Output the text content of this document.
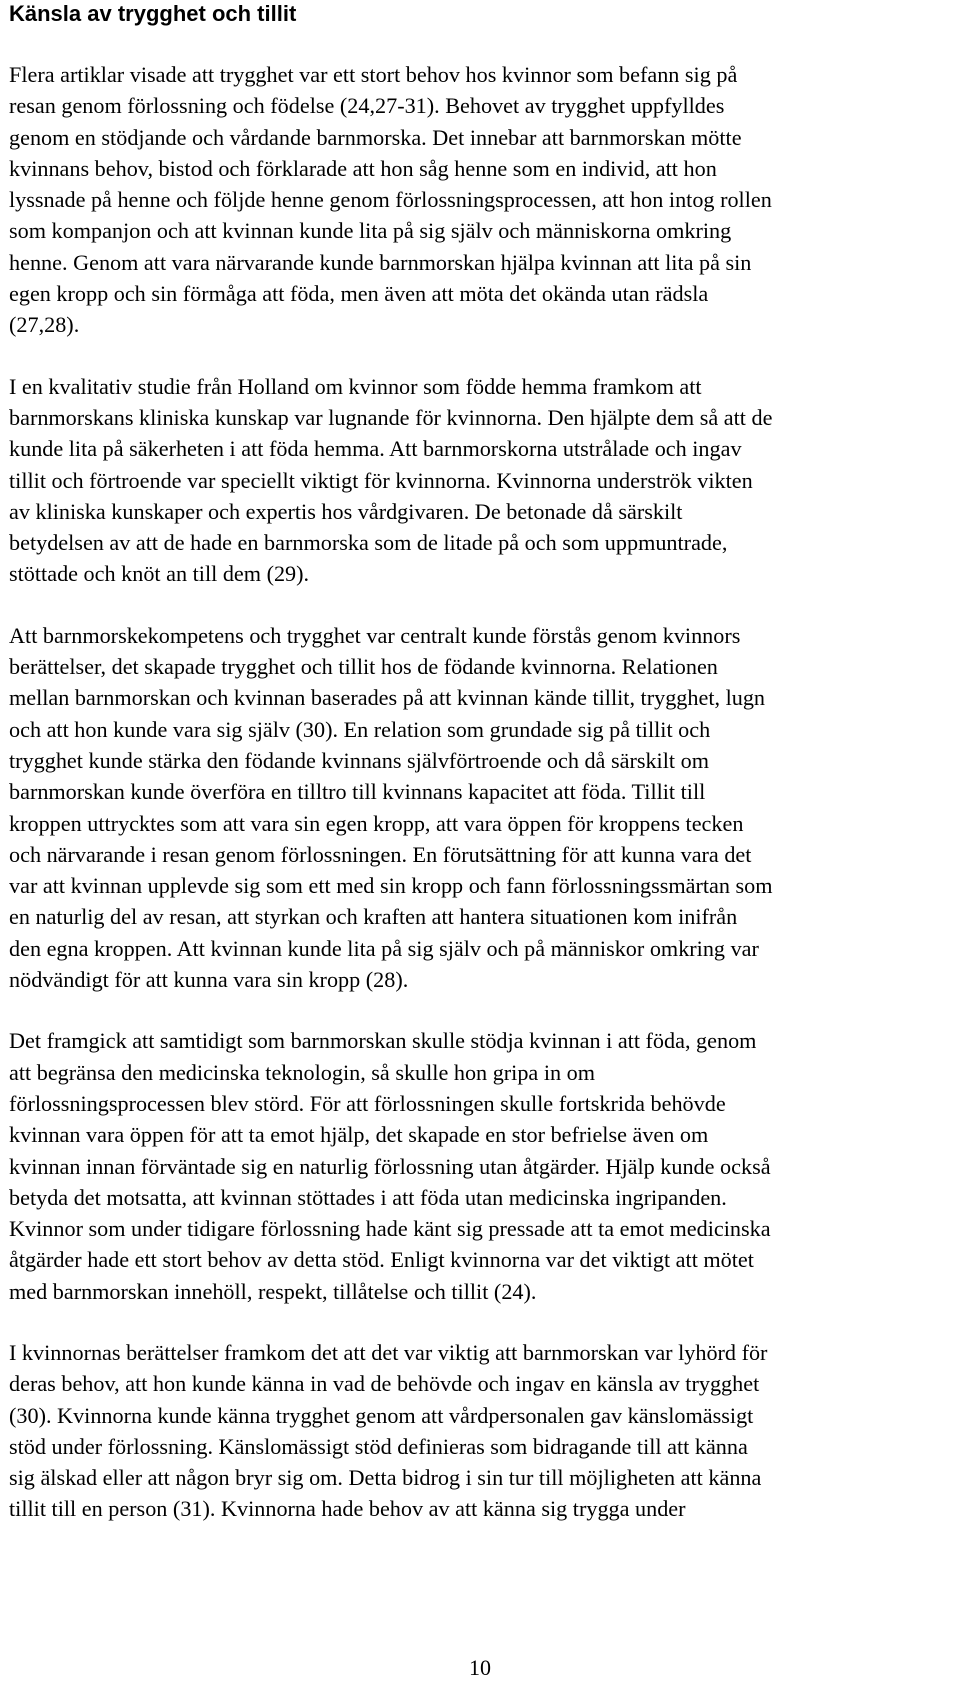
Känsla av trygghet och tillit

Flera artiklar visade att trygghet var ett stort behov hos kvinnor som befann sig på
resan genom förlossning och födelse (24,27-31). Behovet av trygghet uppfylldes
genom en stödjande och vårdande barnmorska. Det innebar att barnmorskan mötte
kvinnans behov, bistod och förklarade att hon såg henne som en individ, att hon
lyssnade på henne och följde henne genom förlossningsprocessen, att hon intog rollen
som kompanjon och att kvinnan kunde lita på sig själv och människorna omkring
henne. Genom att vara närvarande kunde barnmorskan hjälpa kvinnan att lita på sin
egen kropp och sin förmåga att föda, men även att möta det okända utan rädsla
(27,28).

I en kvalitativ studie från Holland om kvinnor som födde hemma framkom att
barnmorskans kliniska kunskap var lugnande för kvinnorna. Den hjälpte dem så att de
kunde lita på säkerheten i att föda hemma. Att barnmorskorna utstrålade och ingav
tillit och förtroende var speciellt viktigt för kvinnorna. Kvinnorna underströk vikten
av kliniska kunskaper och expertis hos vårdgivaren. De betonade då särskilt
betydelsen av att de hade en barnmorska som de litade på och som uppmuntrade,
stöttade och knöt an till dem (29).

Att barnmorskekompetens och trygghet var centralt kunde förstås genom kvinnors
berättelser, det skapade trygghet och tillit hos de födande kvinnorna. Relationen
mellan barnmorskan och kvinnan baserades på att kvinnan kände tillit, trygghet, lugn
och att hon kunde vara sig själv (30). En relation som grundade sig på tillit och
trygghet kunde stärka den födande kvinnans självförtroende och då särskilt om
barnmorskan kunde överföra en tilltro till kvinnans kapacitet att föda. Tillit till
kroppen uttrycktes som att vara sin egen kropp, att vara öppen för kroppens tecken
och närvarande i resan genom förlossningen. En förutsättning för att kunna vara det
var att kvinnan upplevde sig som ett med sin kropp och fann förlossningssmärtan som
en naturlig del av resan, att styrkan och kraften att hantera situationen kom inifrån
den egna kroppen. Att kvinnan kunde lita på sig själv och på människor omkring var
nödvändigt för att kunna vara sin kropp (28).

Det framgick att samtidigt som barnmorskan skulle stödja kvinnan i att föda, genom
att begränsa den medicinska teknologin, så skulle hon gripa in om
förlossningsprocessen blev störd. För att förlossningen skulle fortskrida behövde
kvinnan vara öppen för att ta emot hjälp, det skapade en stor befrielse även om
kvinnan innan förväntade sig en naturlig förlossning utan åtgärder. Hjälp kunde också
betyda det motsatta, att kvinnan stöttades i att föda utan medicinska ingripanden.
Kvinnor som under tidigare förlossning hade känt sig pressade att ta emot medicinska
åtgärder hade ett stort behov av detta stöd. Enligt kvinnorna var det viktigt att mötet
med barnmorskan innehöll, respekt, tillåtelse och tillit (24).

I kvinnornas berättelser framkom det att det var viktig att barnmorskan var lyhörd för
deras behov, att hon kunde känna in vad de behövde och ingav en känsla av trygghet
(30). Kvinnorna kunde känna trygghet genom att vårdpersonalen gav känslomässigt
stöd under förlossning. Känslomässigt stöd definieras som bidragande till att känna
sig älskad eller att någon bryr sig om. Detta bidrog i sin tur till möjligheten att känna
tillit till en person (31). Kvinnorna hade behov av att känna sig trygga under

10
